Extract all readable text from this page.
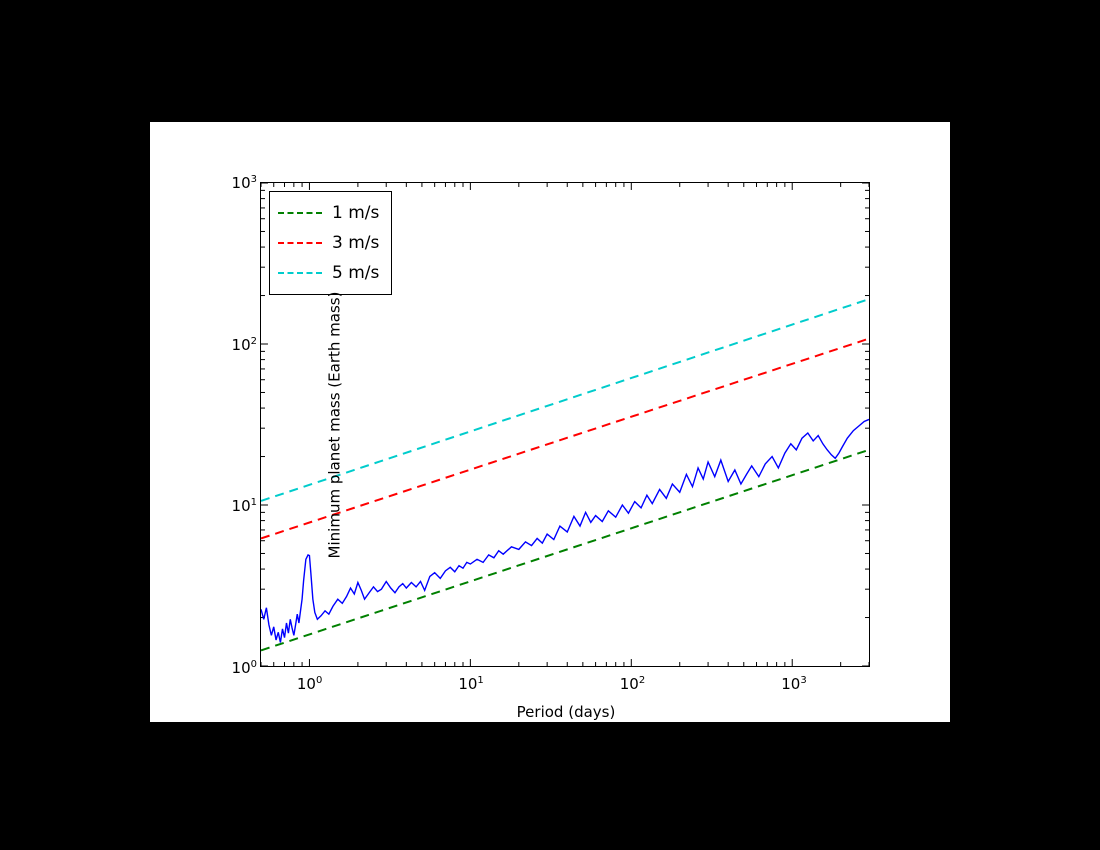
1 m/s
3 m/s
5 m/s
$10^0$
$10^1$
$10^2$
$10^3$
$10^0$	$10^1$	$10^2$	$10^3$
Period (days)
Minimum planet mass (Earth mass)
